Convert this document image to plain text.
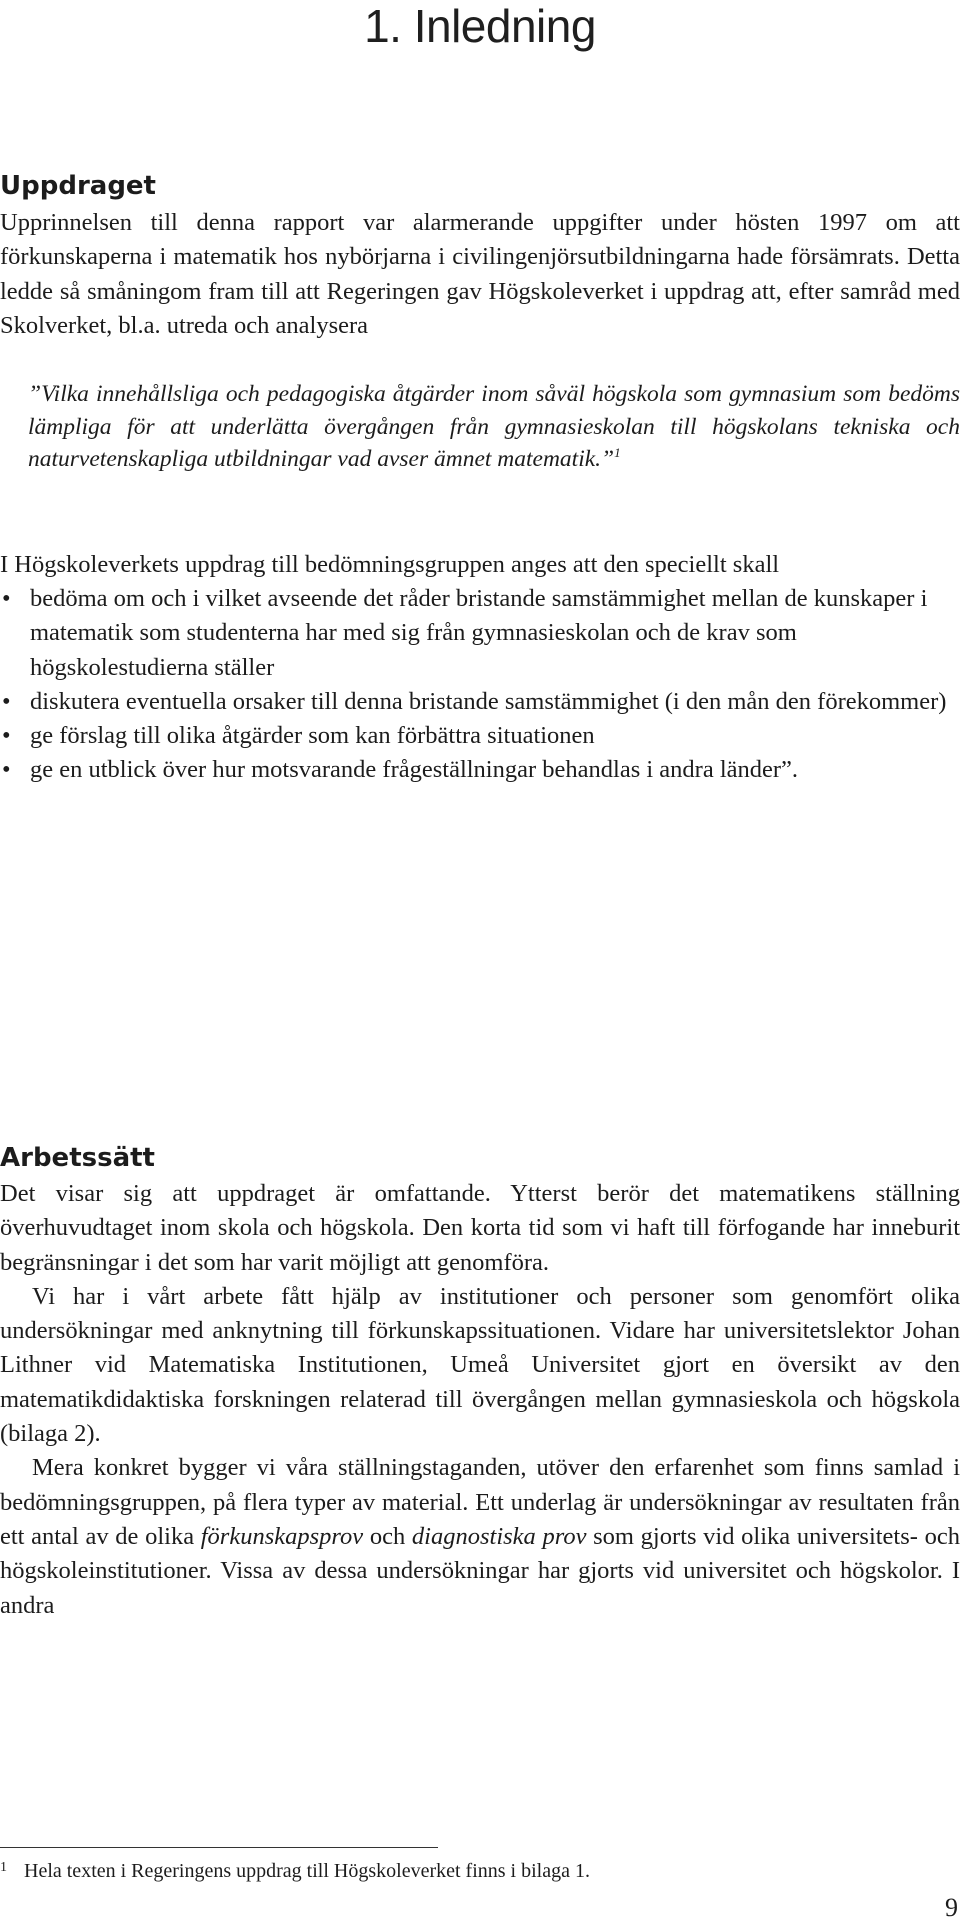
1. Inledning
Uppdraget

Upprinnelsen till denna rapport var alarmerande uppgifter under hösten 1997 om att förkunskaperna i matematik hos nybörjarna i civilingenjörsutbildningarna hade försämrats. Detta ledde så småningom fram till att Regeringen gav Högskoleverket i uppdrag att, efter samråd med Skolverket, bl.a. utreda och analysera

”Vilka innehållsliga och pedagogiska åtgärder inom såväl högskola som gymnasium som bedöms lämpliga för att underlätta övergången från gymnasieskolan till högskolans tekniska och naturvetenskapliga utbildningar vad avser ämnet matematik.”$^1$

I Högskoleverkets uppdrag till bedömningsgruppen anges att den speciellt skall

• bedöma om och i vilket avseende det råder bristande samstämmighet mellan de kunskaper i matematik som studenterna har med sig från gymnasieskolan och de krav som högskolestudierna ställer
• diskutera eventuella orsaker till denna bristande samstämmighet (i den mån den förekommer)
• ge förslag till olika åtgärder som kan förbättra situationen
• ge en utblick över hur motsvarande frågeställningar behandlas i andra länder”.
Arbetssätt

Det visar sig att uppdraget är omfattande. Ytterst berör det matematikens ställning överhuvudtaget inom skola och högskola. Den korta tid som vi haft till förfogande har inneburit begränsningar i det som har varit möjligt att genomföra.

Vi har i vårt arbete fått hjälp av institutioner och personer som genomfört olika undersökningar med anknytning till förkunskapssituationen. Vidare har universitetslektor Johan Lithner vid Matematiska Institutionen, Umeå Universitet gjort en översikt av den matematikdidaktiska forskningen relaterad till övergången mellan gymnasieskola och högskola (bilaga 2).

Mera konkret bygger vi våra ställningstaganden, utöver den erfarenhet som finns samlad i bedömningsgruppen, på flera typer av material. Ett underlag är undersökningar av resultaten från ett antal av de olika förkunskapsprov och diagnostiska prov som gjorts vid olika universitets- och högskoleinstitutioner. Vissa av dessa undersökningar har gjorts vid universitet och högskolor. I andra

1 Hela texten i Regeringens uppdrag till Högskoleverket finns i bilaga 1.
9
